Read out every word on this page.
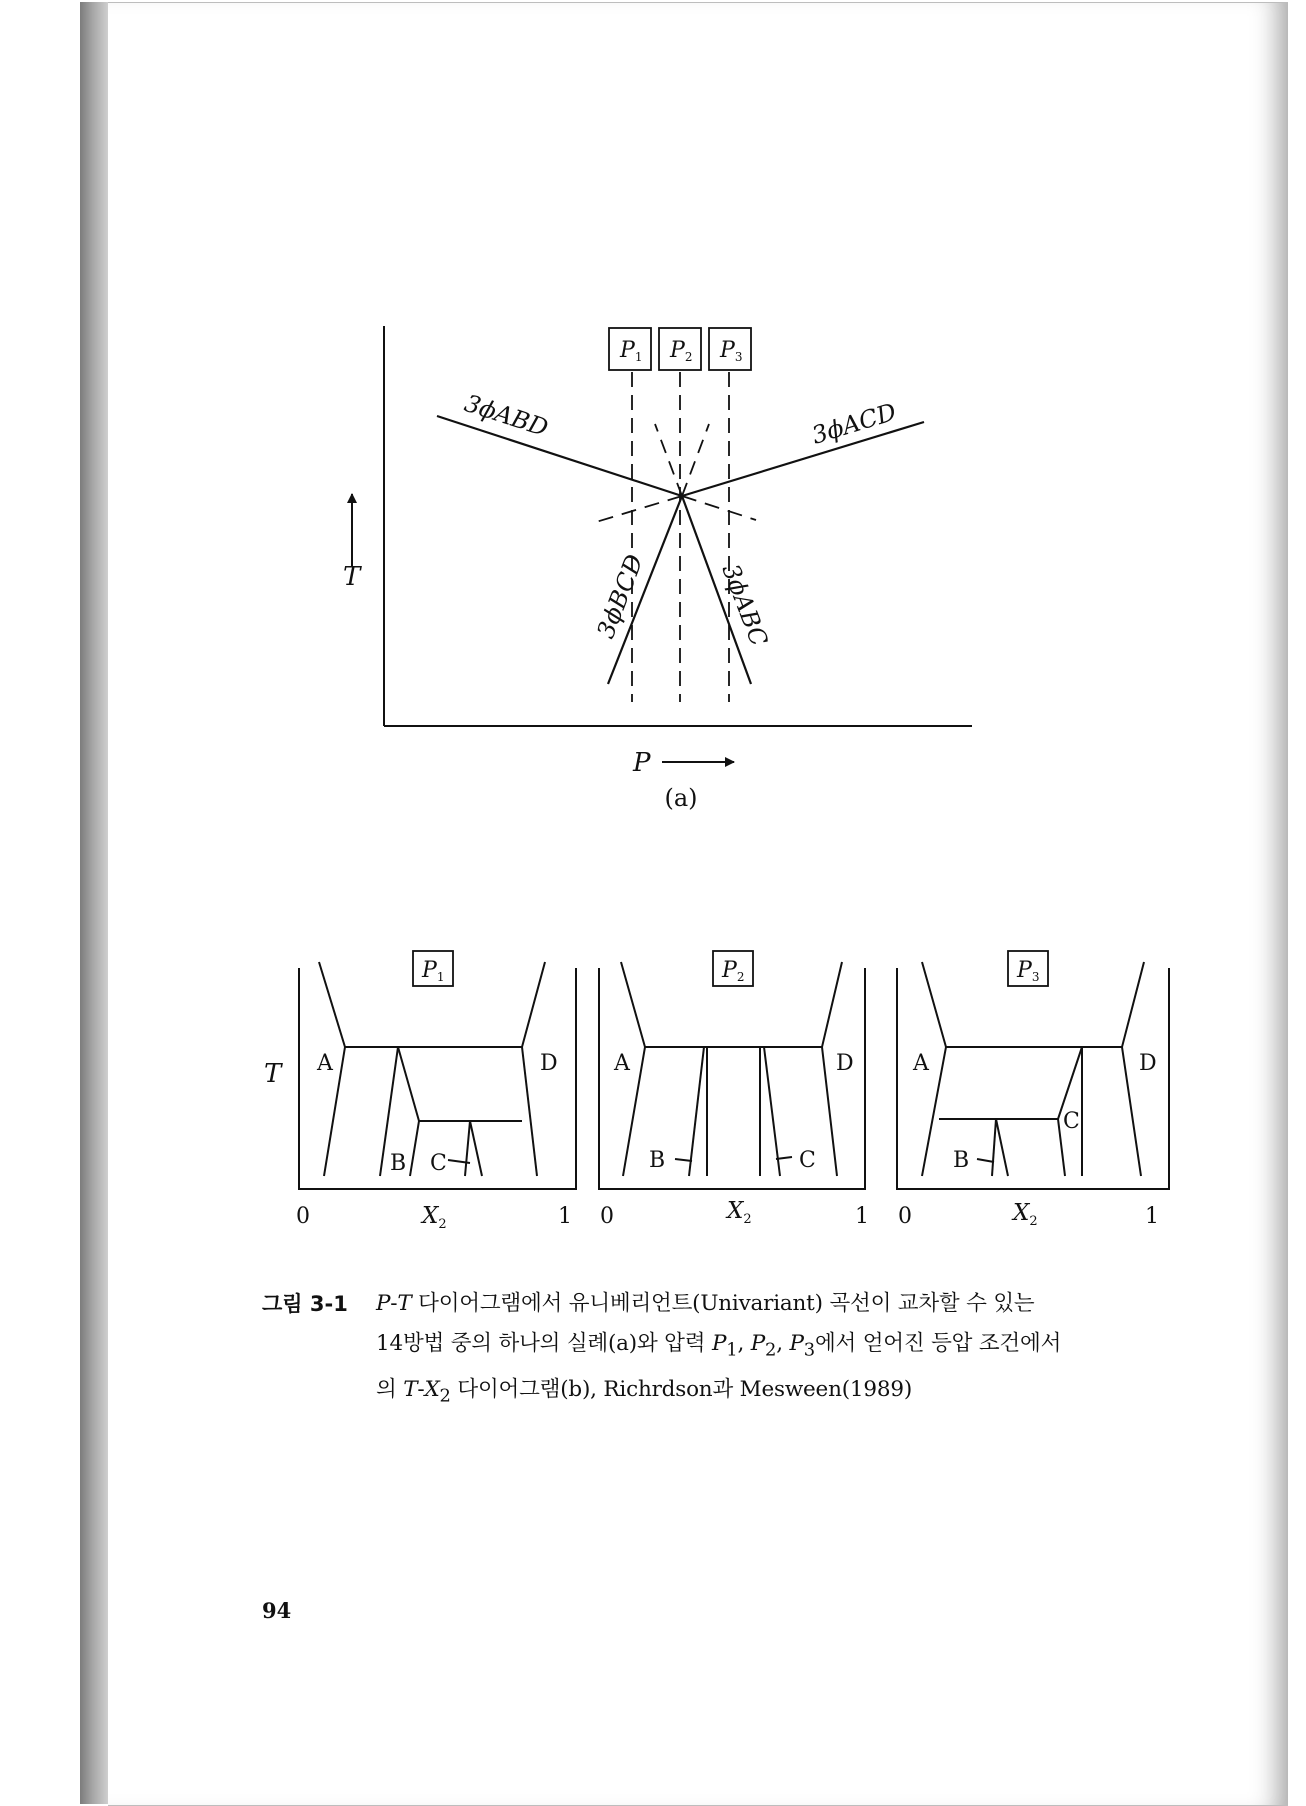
P1 P2 P3
3ϕABD	3ϕACD
3ϕBCD	3ϕABC
T
P
(a)
T
P1
A	D
B C
0	1
$X_2$
P2
A	D
B	C
0	1
$X_2$
P3
A	D
C
B
0	1
$X_2$
그림 3-1 P-T 다이어그램에서 유니베리언트(Univariant) 곡선이 교차할 수 있는
14방법 중의 하나의 실례(a)와 압력 $P_1$, $P_2$, $P_3$에서 얻어진 등압 조건에서
의 $T-X_2$ 다이어그램(b), Richrdson과 Mesween(1989)
94
